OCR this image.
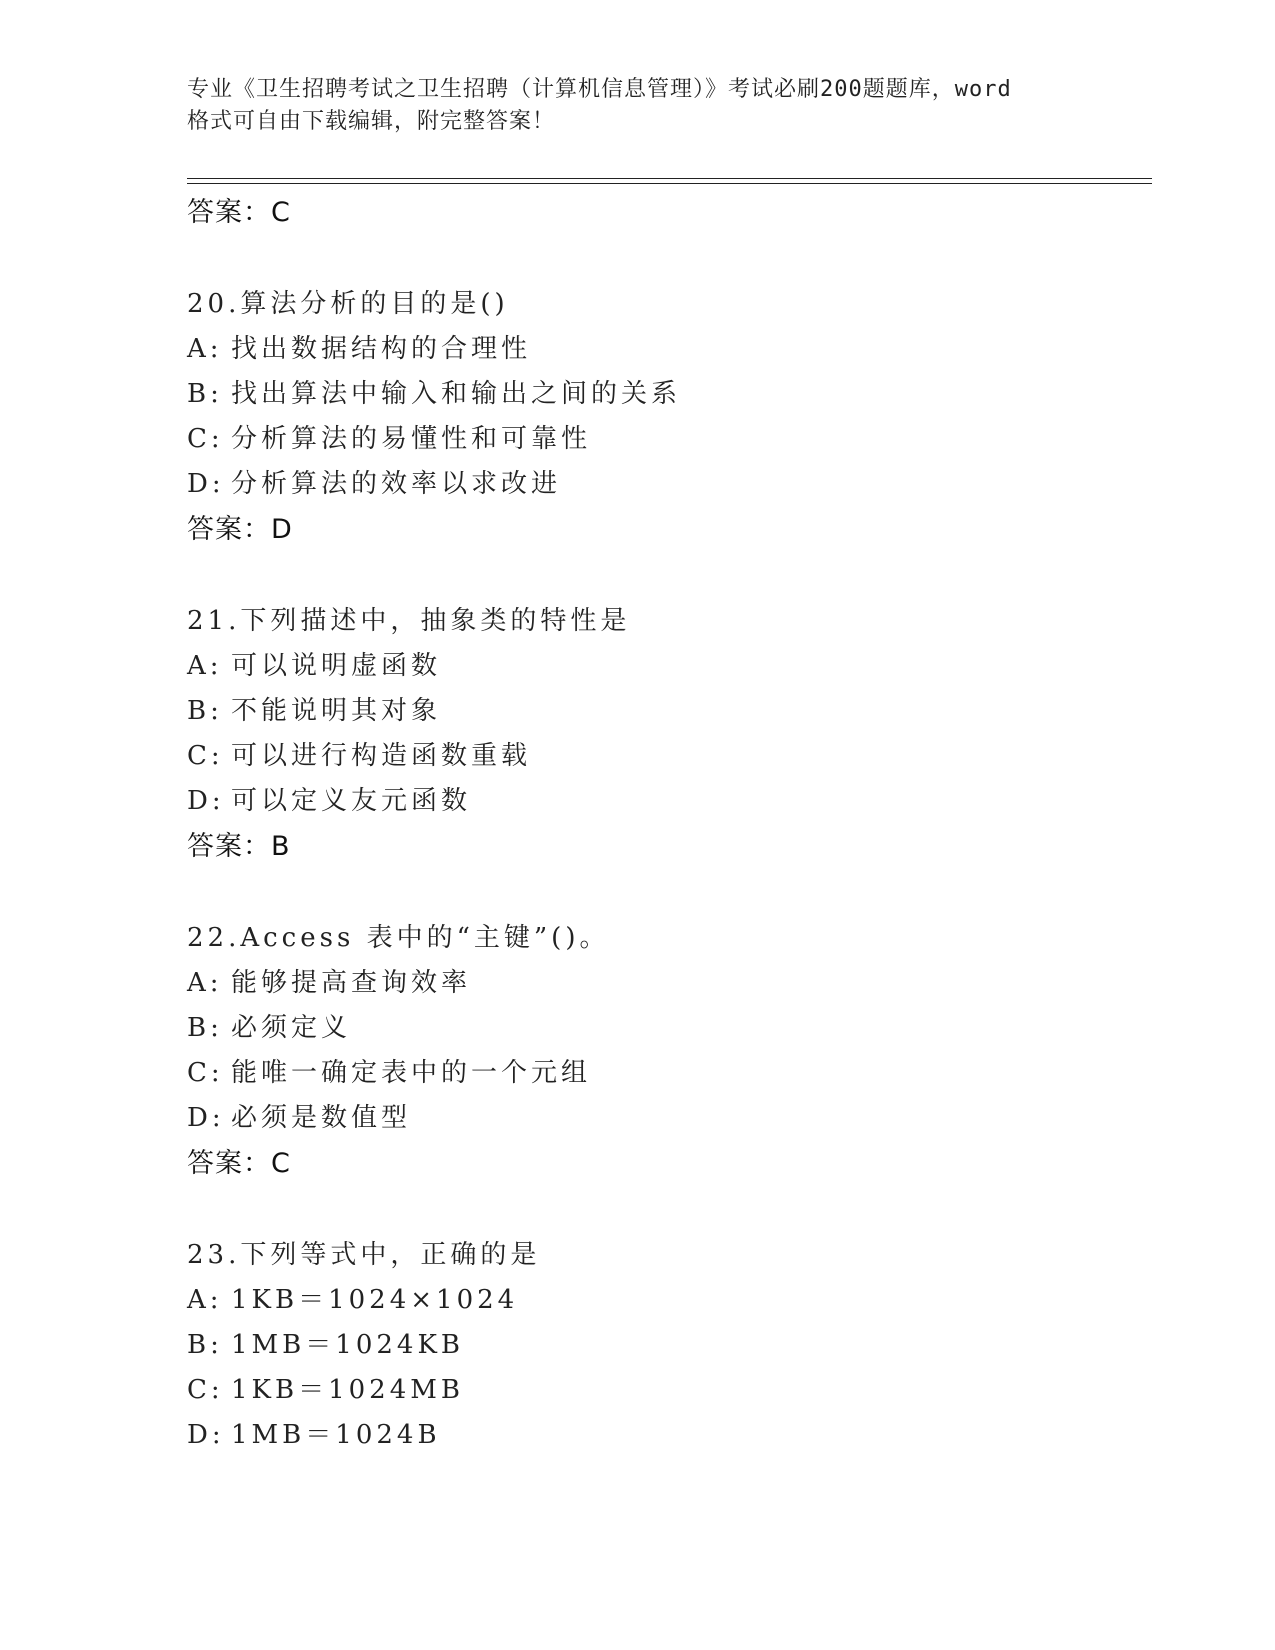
专业《卫生招聘考试之卫生招聘（计算机信息管理）》考试必刷200题题库，word
格式可自由下载编辑，附完整答案！
答案：C
20.算法分析的目的是()
A: 找出数据结构的合理性
B: 找出算法中输入和输出之间的关系
C: 分析算法的易懂性和可靠性
D: 分析算法的效率以求改进
答案：D
21.下列描述中，抽象类的特性是
A: 可以说明虚函数
B: 不能说明其对象
C: 可以进行构造函数重载
D: 可以定义友元函数
答案：B
22.Access 表中的“主键”()。
A: 能够提高查询效率
B: 必须定义
C: 能唯一确定表中的一个元组
D: 必须是数值型
答案：C
23.下列等式中，正确的是
A: 1KB＝1024×1024
B: 1MB＝1024KB
C: 1KB＝1024MB
D: 1MB＝1024B
